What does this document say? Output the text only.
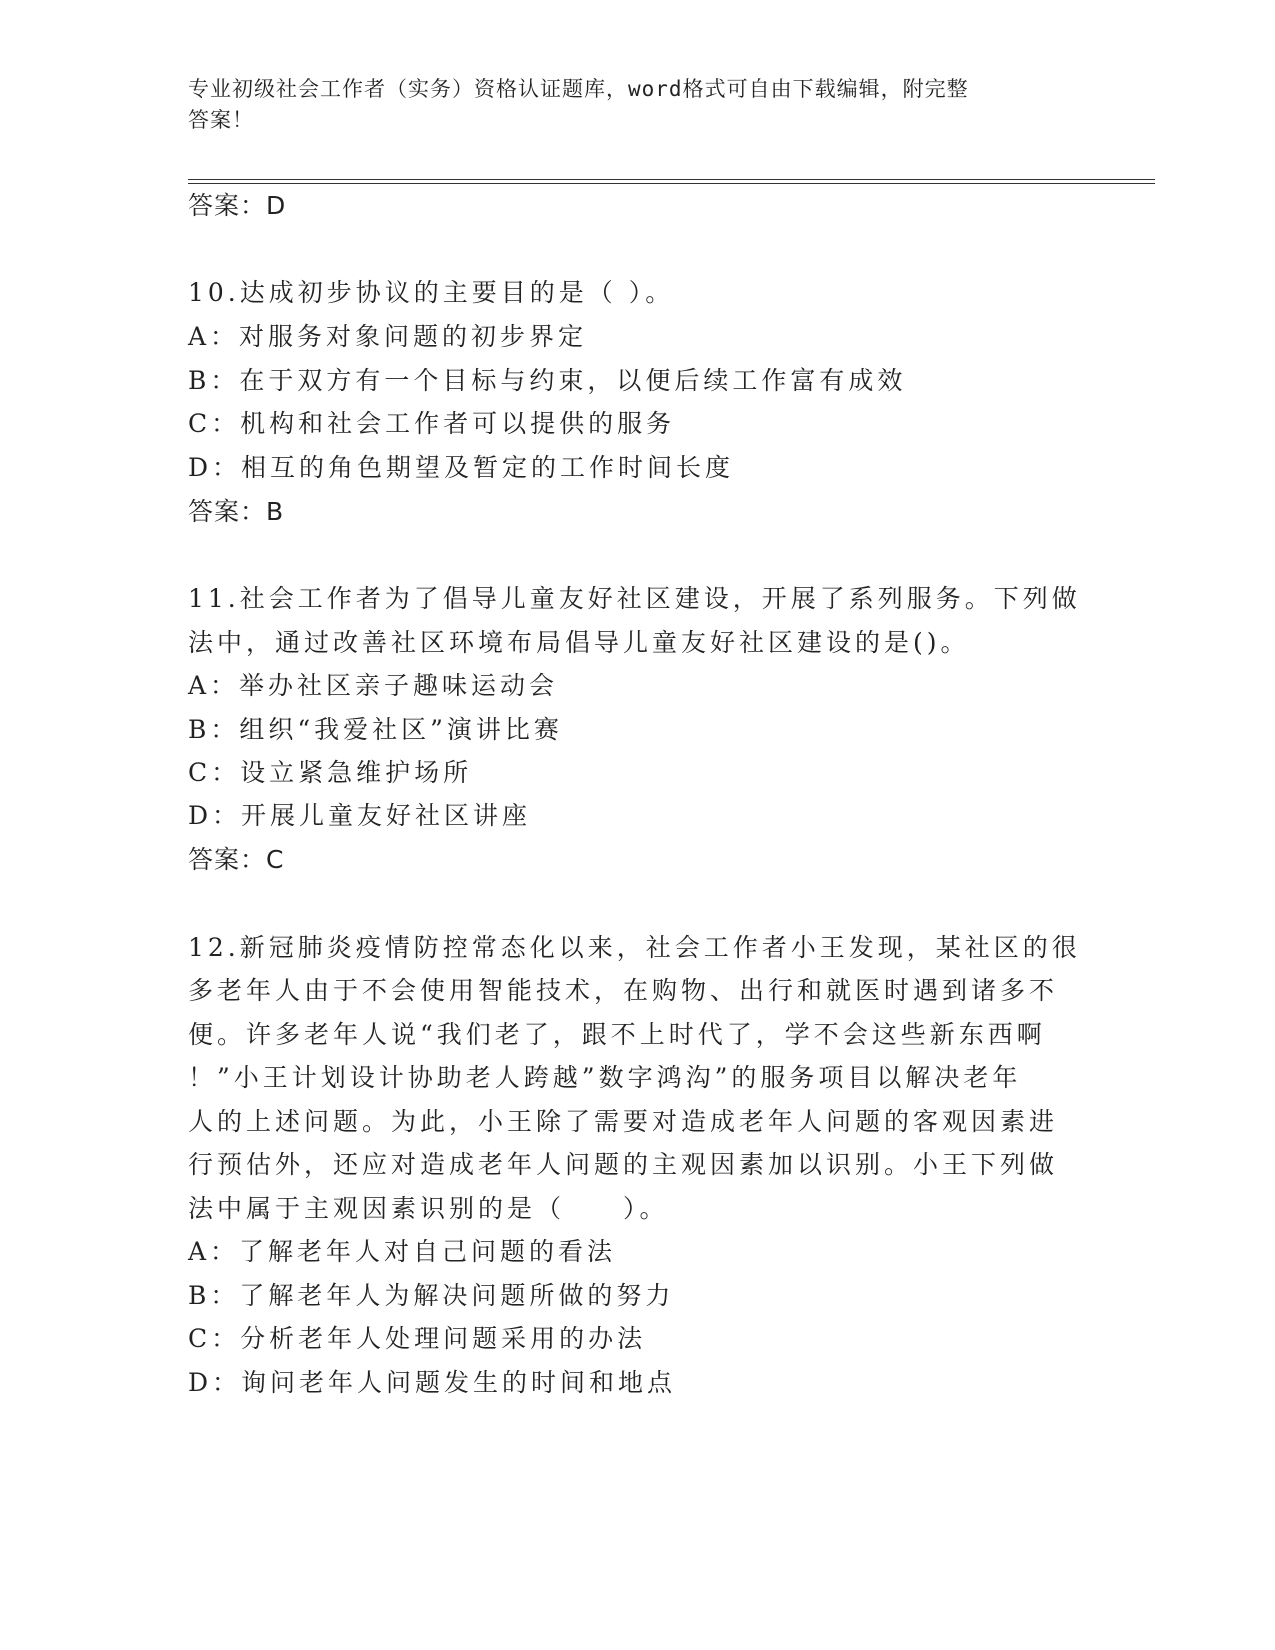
专业初级社会工作者（实务）资格认证题库，word格式可自由下载编辑，附完整
答案！
答案：D
10.达成初步协议的主要目的是（ ）。
A：对服务对象问题的初步界定
B：在于双方有一个目标与约束，以便后续工作富有成效
C：机构和社会工作者可以提供的服务
D：相互的角色期望及暂定的工作时间长度
答案：B
11.社会工作者为了倡导儿童友好社区建设，开展了系列服务。下列做
法中，通过改善社区环境布局倡导儿童友好社区建设的是()。
A：举办社区亲子趣味运动会
B：组织“我爱社区”演讲比赛
C：设立紧急维护场所
D：开展儿童友好社区讲座
答案：C
12.新冠肺炎疫情防控常态化以来，社会工作者小王发现，某社区的很
多老年人由于不会使用智能技术，在购物、出行和就医时遇到诸多不
便。许多老年人说“我们老了，跟不上时代了，学不会这些新东西啊
！”小王计划设计协助老人跨越”数字鸿沟”的服务项目以解决老年
人的上述问题。为此，小王除了需要对造成老年人问题的客观因素进
行预估外，还应对造成老年人问题的主观因素加以识别。小王下列做
法中属于主观因素识别的是（　　）。
A：了解老年人对自己问题的看法
B：了解老年人为解决问题所做的努力
C：分析老年人处理问题采用的办法
D：询问老年人问题发生的时间和地点
